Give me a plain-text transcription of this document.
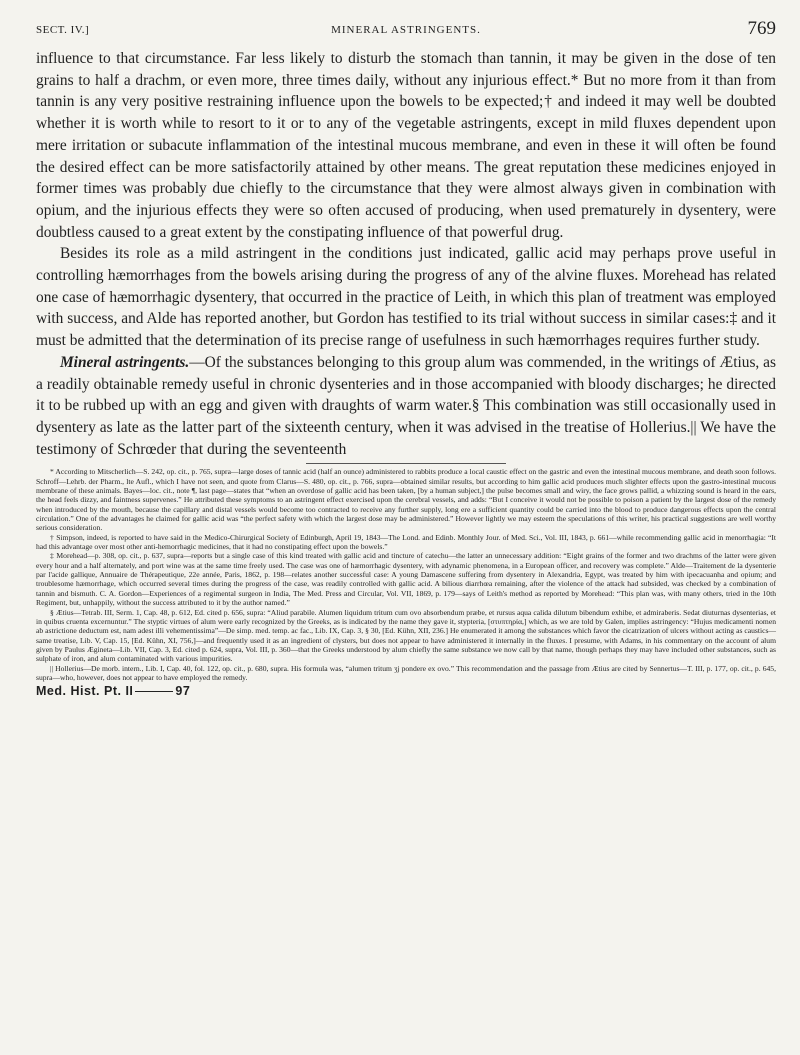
SECT. IV.]	MINERAL ASTRINGENTS.	769

influence to that circumstance. Far less likely to disturb the stomach than tannin, it may be given in the dose of ten grains to half a drachm, or even more, three times daily, without any injurious effect.* But no more from it than from tannin is any very positive restraining influence upon the bowels to be expected;† and indeed it may well be doubted whether it is worth while to resort to it or to any of the vegetable astringents, except in mild fluxes dependent upon mere irritation or subacute inflammation of the intestinal mucous membrane, and even in these it will often be found the desired effect can be more satisfactorily attained by other means. The great reputation these medicines enjoyed in former times was probably due chiefly to the circumstance that they were almost always given in combination with opium, and the injurious effects they were so often accused of producing, when used prematurely in dysentery, were doubtless caused to a great extent by the constipating influence of that powerful drug.

Besides its role as a mild astringent in the conditions just indicated, gallic acid may perhaps prove useful in controlling hæmorrhages from the bowels arising during the progress of any of the alvine fluxes. Morehead has related one case of hæmorrhagic dysentery, that occurred in the practice of Leith, in which this plan of treatment was employed with success, and Alde has reported another, but Gordon has testified to its trial without success in similar cases:‡ and it must be admitted that the determination of its precise range of usefulness in such hæmorrhages requires further study.

Mineral astringents.—Of the substances belonging to this group alum was commended, in the writings of Ætius, as a readily obtainable remedy useful in chronic dysenteries and in those accompanied with bloody discharges; he directed it to be rubbed up with an egg and given with draughts of warm water.§ This combination was still occasionally used in dysentery as late as the latter part of the sixteenth century, when it was advised in the treatise of Hollerius.|| We have the testimony of Schrœder that during the seventeenth

* According to Mitscherlich—S. 242, op. cit., p. 765, supra—large doses of tannic acid (half an ounce) administered to rabbits produce a local caustic effect on the gastric and even the intestinal mucous membrane, and death soon follows. Schroff—Lehrb. der Pharm., lte Aufl., which I have not seen, and quote from Clarus—S. 480, op. cit., p. 766, supra—obtained similar results, but according to him gallic acid produces much slighter effects upon the gastro-intestinal mucous membrane of these animals. Bayes—loc. cit., note ¶, last page—states that “when an overdose of gallic acid has been taken, [by a human subject,] the pulse becomes small and wiry, the face grows pallid, a whizzing sound is heard in the ears, the head feels dizzy, and faintness supervenes.” He attributed these symptoms to an astringent effect exercised upon the cerebral vessels, and adds: “But I conceive it would not be possible to poison a patient by the largest dose of the remedy when introduced by the mouth, because the capillary and distal vessels would become too contracted to receive any further supply, long ere a sufficient quantity could be carried into the blood to produce dangerous effects upon the central circulation.” One of the advantages he claimed for gallic acid was “the perfect safety with which the largest dose may be administered.” However lightly we may esteem the speculations of this writer, his practical suggestions are well worthy serious consideration.

† Simpson, indeed, is reported to have said in the Medico-Chirurgical Society of Edinburgh, April 19, 1843—The Lond. and Edinb. Monthly Jour. of Med. Sci., Vol. III, 1843, p. 661—while recommending gallic acid in menorrhagia: “It had this advantage over most other anti-hemorrhagic medicines, that it had no constipating effect upon the bowels.”

‡ Morehead—p. 308, op. cit., p. 637, supra—reports but a single case of this kind treated with gallic acid and tincture of catechu—the latter an unnecessary addition: “Eight grains of the former and two drachms of the latter were given every hour and a half alternately, and port wine was at the same time freely used. The case was one of hæmorrhagic dysentery, with adynamic phenomena, in a European officer, and recovery was complete.” Alde—Traitement de la dysenterie par l'acide gallique, Annuaire de Thérapeutique, 22e année, Paris, 1862, p. 198—relates another successful case: A young Damascene suffering from dysentery in Alexandria, Egypt, was treated by him with ipecacuanha and opium; and troublesome hæmorrhage, which occurred several times during the progress of the case, was readily controlled with gallic acid. A bilious diarrhœa remaining, after the violence of the attack had subsided, was checked by a combination of tannin and bismuth. C. A. Gordon—Experiences of a regimental surgeon in India, The Med. Press and Circular, Vol. VII, 1869, p. 179—says of Leith's method as reported by Morehead: “This plan was, with many others, tried in the 10th Regiment, but, unhappily, without the success attributed to it by the author named.”

§ Ætius—Tetrab. III, Serm. 1, Cap. 48, p. 612, Ed. cited p. 656, supra: “Aliud parabile. Alumen liquidum tritum cum ovo absorbendum præbe, et rursus aqua calida dilutum bibendum exhibe, et admiraberis. Sedat diuturnas dysenterias, et in quibus cruenta excernuntur.” The styptic virtues of alum were early recognized by the Greeks, as is indicated by the name they gave it, stypteria, [στυπτηρία,] which, as we are told by Galen, implies astringency: “Hujus medicamenti nomen ab astrictione deductum est, nam adest illi vehementissima”—De simp. med. temp. ac fac., Lib. IX, Cap. 3, § 30, [Ed. Kühn, XII, 236.] He enumerated it among the substances which favor the cicatrization of ulcers without acting as caustics—same treatise, Lib. V, Cap. 15, [Ed. Kühn, XI, 756,]—and frequently used it as an ingredient of clysters, but does not appear to have administered it internally in the fluxes. I presume, with Adams, in his commentary on the account of alum given by Paulus Ægineta—Lib. VII, Cap. 3, Ed. cited p. 624, supra, Vol. III, p. 360—that the Greeks understood by alum chiefly the same substance we now call by that name, though perhaps they may have included other substances, such as sulphate of iron, and alum contaminated with various impurities.

|| Hollerius—De morb. intern., Lib. I, Cap. 40, fol. 122, op. cit., p. 680, supra. His formula was, “alumen tritum ʒj pondere ex ovo.” This recommendation and the passage from Ætius are cited by Sennertus—T. III, p. 177, op. cit., p. 645, supra—who, however, does not appear to have employed the remedy.

Med. Hist. Pt. II	97
